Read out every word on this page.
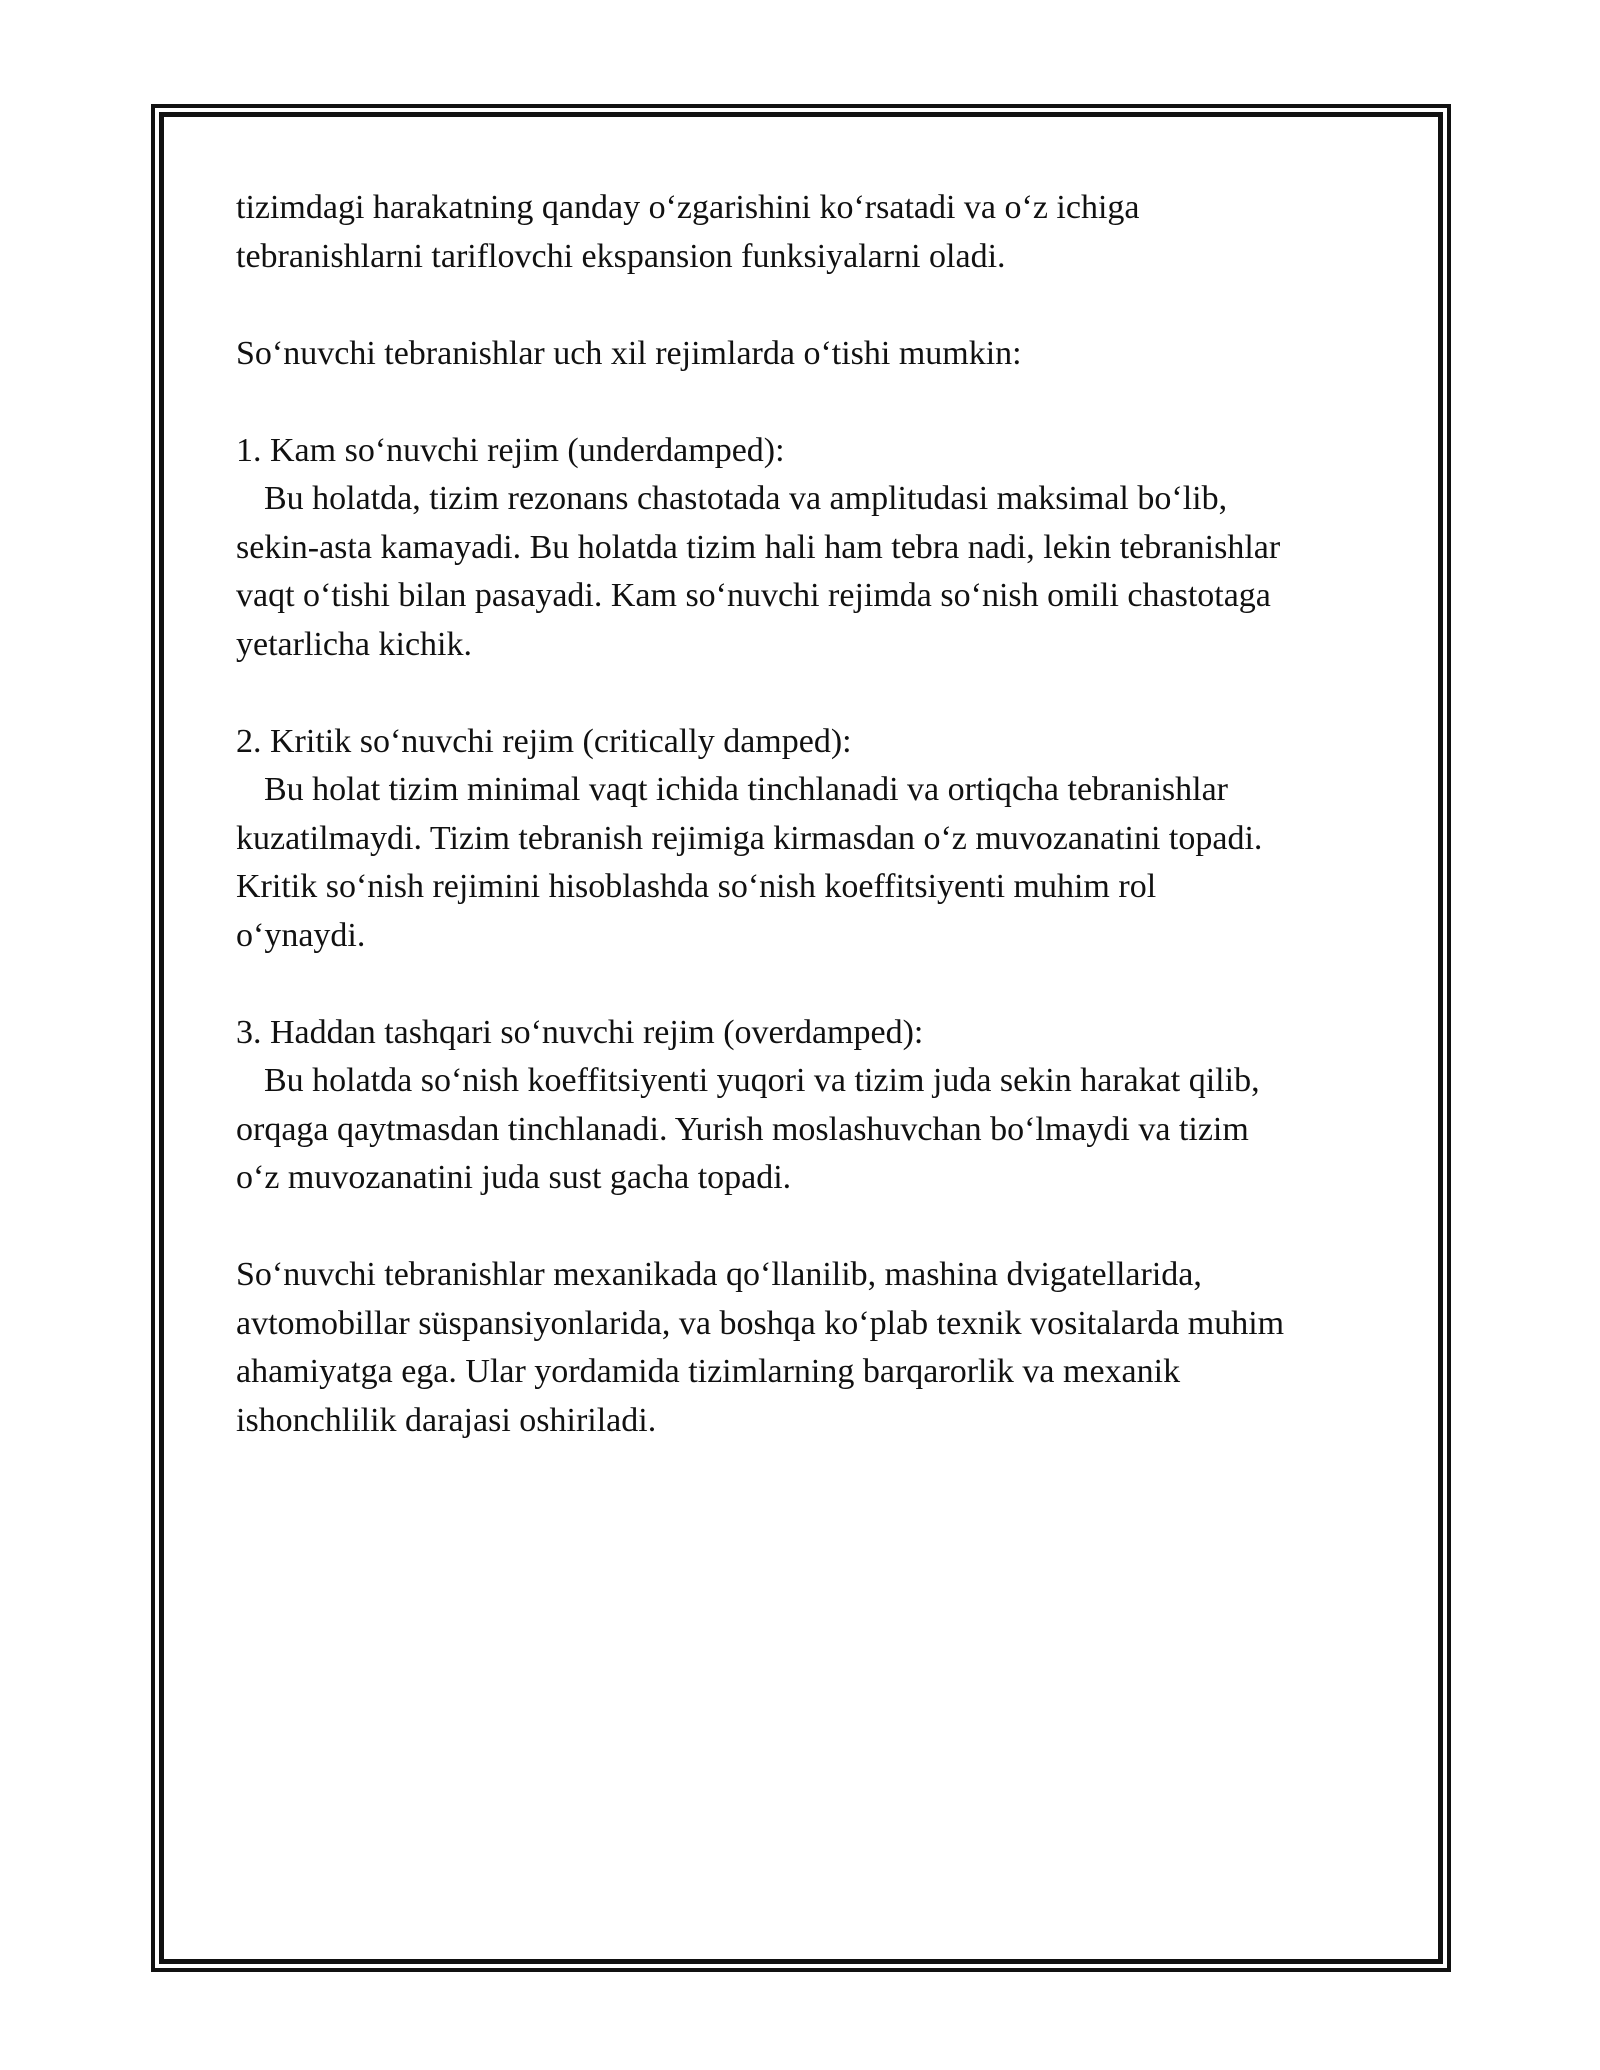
tizimdagi harakatning qanday o‘zgarishini ko‘rsatadi va o‘z ichiga
tebranishlarni tariflovchi ekspansion funksiyalarni oladi.

So‘nuvchi tebranishlar uch xil rejimlarda o‘tishi mumkin:

1. Kam so‘nuvchi rejim (underdamped):
Bu holatda, tizim rezonans chastotada va amplitudasi maksimal bo‘lib,
sekin-asta kamayadi. Bu holatda tizim hali ham tebra nadi, lekin tebranishlar
vaqt o‘tishi bilan pasayadi. Kam so‘nuvchi rejimda so‘nish omili chastotaga
yetarlicha kichik.

2. Kritik so‘nuvchi rejim (critically damped):
Bu holat tizim minimal vaqt ichida tinchlanadi va ortiqcha tebranishlar
kuzatilmaydi. Tizim tebranish rejimiga kirmasdan o‘z muvozanatini topadi.
Kritik so‘nish rejimini hisoblashda so‘nish koeffitsiyenti muhim rol
o‘ynaydi.

3. Haddan tashqari so‘nuvchi rejim (overdamped):
Bu holatda so‘nish koeffitsiyenti yuqori va tizim juda sekin harakat qilib,
orqaga qaytmasdan tinchlanadi. Yurish moslashuvchan bo‘lmaydi va tizim
o‘z muvozanatini juda sust gacha topadi.

So‘nuvchi tebranishlar mexanikada qo‘llanilib, mashina dvigatellarida,
avtomobillar süspansiyonlarida, va boshqa ko‘plab texnik vositalarda muhim
ahamiyatga ega. Ular yordamida tizimlarning barqarorlik va mexanik
ishonchlilik darajasi oshiriladi.
